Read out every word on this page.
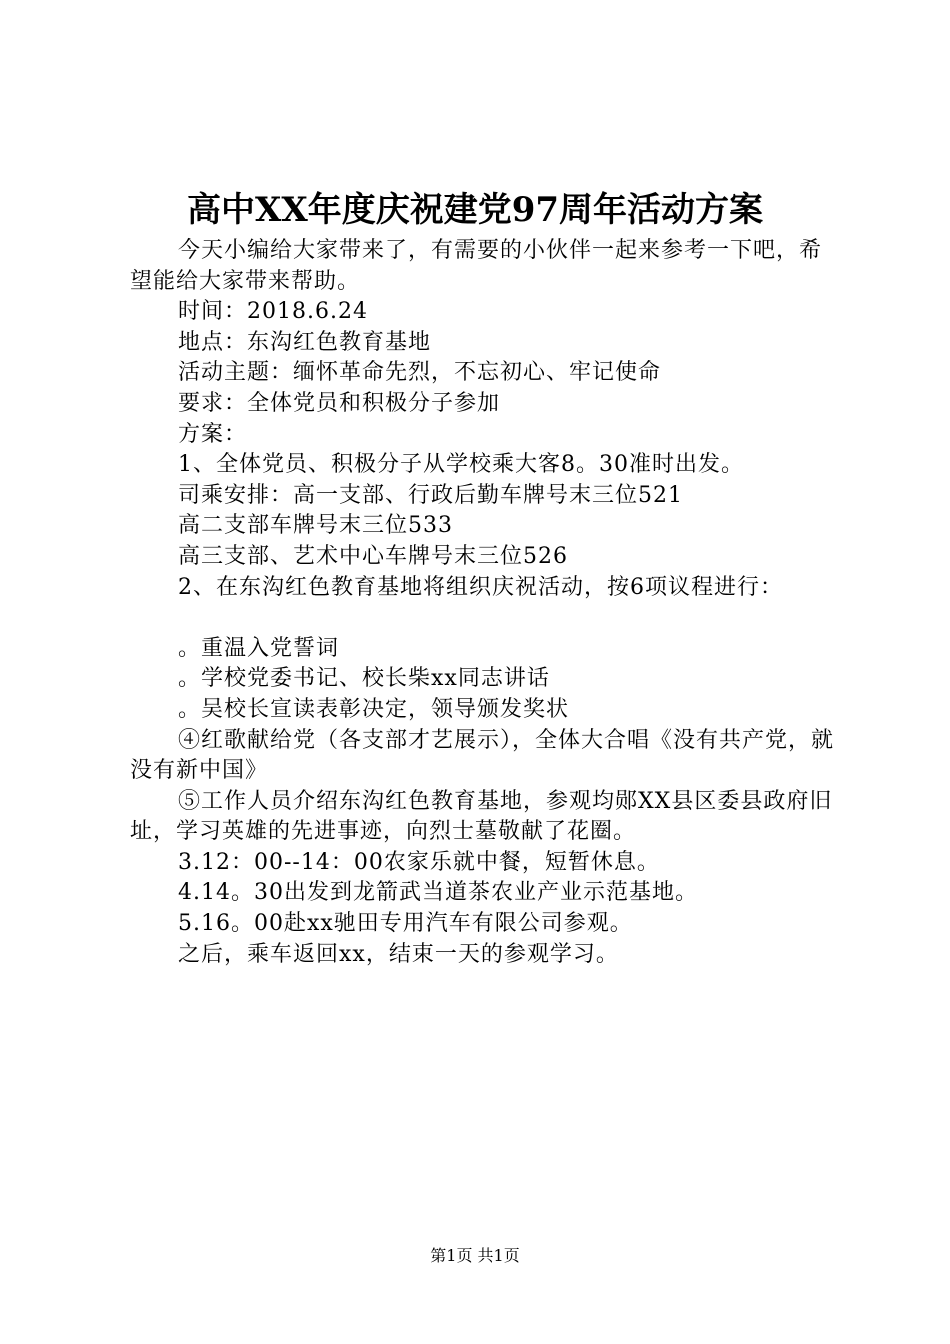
高中XX年度庆祝建党97周年活动方案

今天小编给大家带来了，有需要的小伙伴一起来参考一下吧，希望能给大家带来帮助。

时间：2018.6.24

地点：东沟红色教育基地

活动主题：缅怀革命先烈，不忘初心、牢记使命

要求：全体党员和积极分子参加

方案：

1、全体党员、积极分子从学校乘大客8。30准时出发。

司乘安排：高一支部、行政后勤车牌号末三位521

高二支部车牌号末三位533

高三支部、艺术中心车牌号末三位526

2、在东沟红色教育基地将组织庆祝活动，按6项议程进行：

。重温入党誓词

。学校党委书记、校长柴xx同志讲话

。吴校长宣读表彰决定，领导颁发奖状

④红歌献给党（各支部才艺展示），全体大合唱《没有共产党，就没有新中国》

⑤工作人员介绍东沟红色教育基地，参观均郧XX县区委县政府旧址，学习英雄的先进事迹，向烈士墓敬献了花圈。

3.12：00--14：00农家乐就中餐，短暂休息。

4.14。30出发到龙箭武当道茶农业产业示范基地。

5.16。00赴xx驰田专用汽车有限公司参观。

之后，乘车返回xx，结束一天的参观学习。

第1页 共1页
